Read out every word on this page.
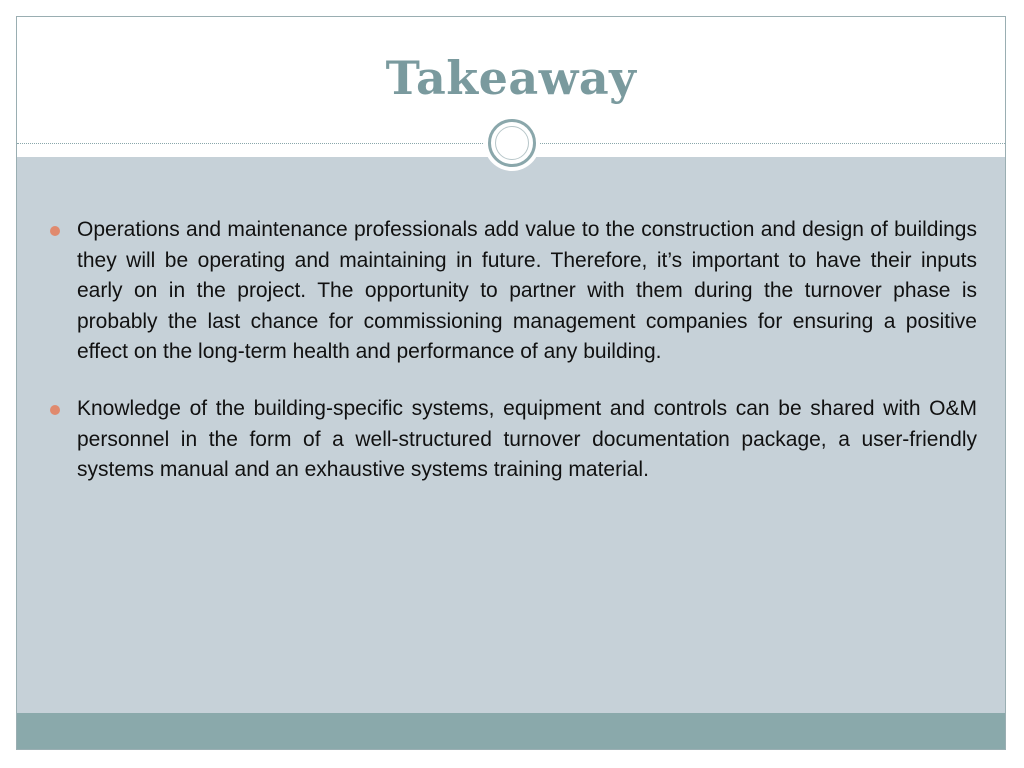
Takeaway
Operations and maintenance professionals add value to the construction and design of buildings they will be operating and maintaining in future. Therefore, it’s important to have their inputs early on in the project. The opportunity to partner with them during the turnover phase is probably the last chance for commissioning management companies for ensuring a positive effect on the long-term health and performance of any building.
Knowledge of the building-specific systems, equipment and controls can be shared with O&M personnel in the form of a well-structured turnover documentation package, a user-friendly systems manual and an exhaustive systems training material.
